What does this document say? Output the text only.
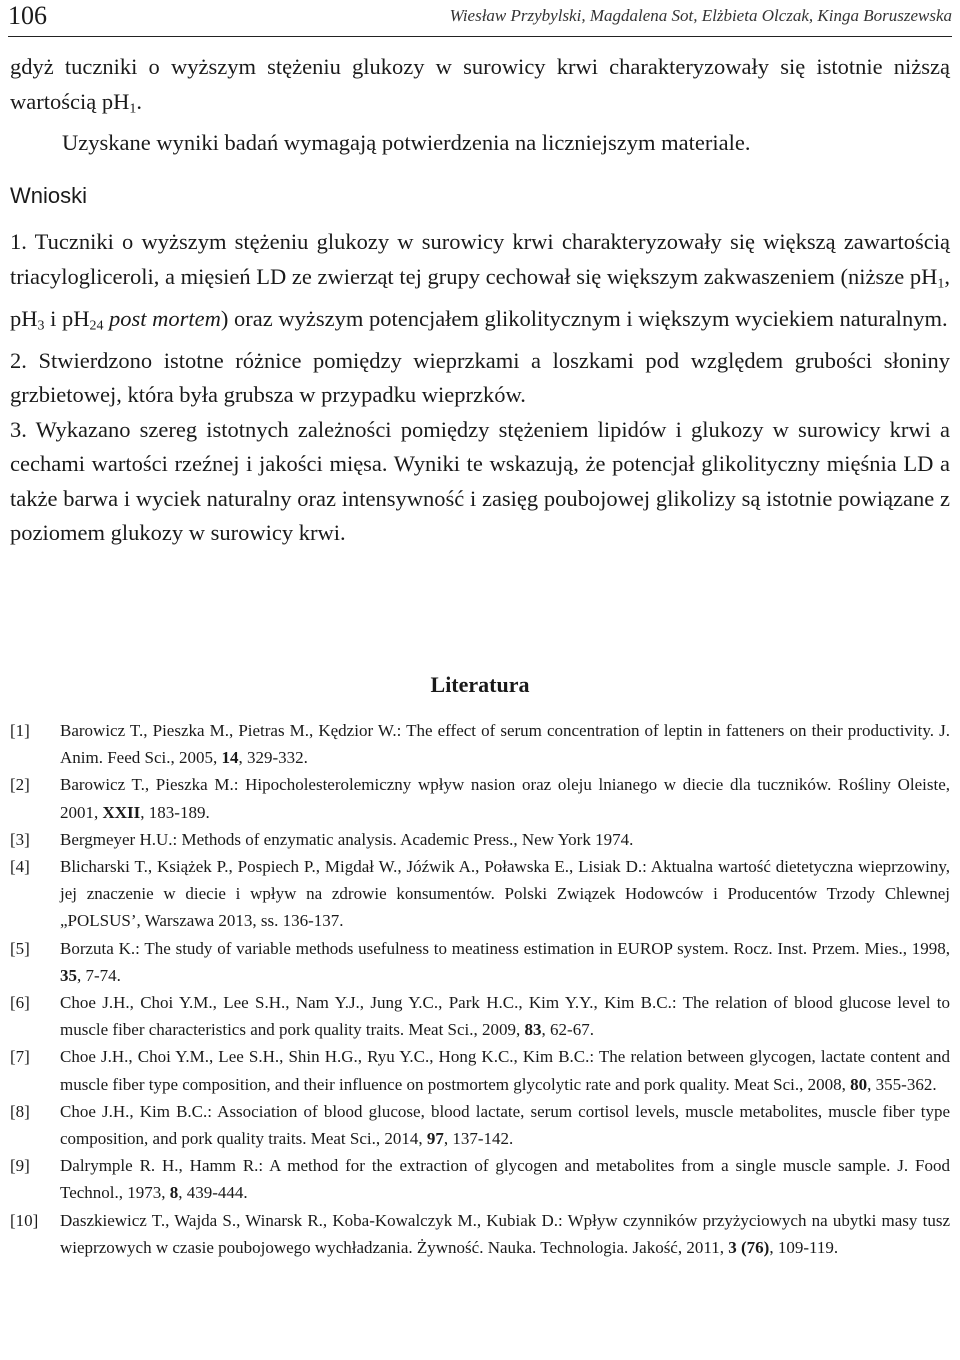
106	Wiesław Przybylski, Magdalena Sot, Elżbieta Olczak, Kinga Boruszewska

gdyż tuczniki o wyższym stężeniu glukozy w surowicy krwi charakteryzowały się istotnie niższą wartością $pH_1$.

Uzyskane wyniki badań wymagają potwierdzenia na liczniejszym materiale.

Wnioski

1. Tuczniki o wyższym stężeniu glukozy w surowicy krwi charakteryzowały się większą zawartością triacylogliceroli, a mięsień LD ze zwierząt tej grupy cechował się większym zakwaszeniem (niższe $pH_1$, $pH_3$ i $pH_{24}$ post mortem) oraz wyższym potencjałem glikolitycznym i większym wyciekiem naturalnym.

2. Stwierdzono istotne różnice pomiędzy wieprzkami a loszkami pod względem grubości słoniny grzbietowej, która była grubsza w przypadku wieprzków.

3. Wykazano szereg istotnych zależności pomiędzy stężeniem lipidów i glukozy w surowicy krwi a cechami wartości rzeźnej i jakości mięsa. Wyniki te wskazują, że potencjał glikolityczny mięśnia LD a także barwa i wyciek naturalny oraz intensywność i zasięg poubojowej glikolizy są istotnie powiązane z poziomem glukozy w surowicy krwi.

Literatura
[1]	Barowicz T., Pieszka M., Pietras M., Kędzior W.: The effect of serum concentration of leptin in fatteners on their productivity. J. Anim. Feed Sci., 2005, 14, 329-332.
[2]	Barowicz T., Pieszka M.: Hipocholesterolemiczny wpływ nasion oraz oleju lnianego w diecie dla tuczników. Rośliny Oleiste, 2001, XXII, 183-189.
[3]	Bergmeyer H.U.: Methods of enzymatic analysis. Academic Press., New York 1974.
[4]	Blicharski T., Książek P., Pospiech P., Migdał W., Jóźwik A., Poławska E., Lisiak D.: Aktualna wartość dietetyczna wieprzowiny, jej znaczenie w diecie i wpływ na zdrowie konsumentów. Polski Związek Hodowców i Producentów Trzody Chlewnej „POLSUS’, Warszawa 2013, ss. 136-137.
[5]	Borzuta K.: The study of variable methods usefulness to meatiness estimation in EUROP system. Rocz. Inst. Przem. Mies., 1998, 35, 7-74.
[6]	Choe J.H., Choi Y.M., Lee S.H., Nam Y.J., Jung Y.C., Park H.C., Kim Y.Y., Kim B.C.: The relation of blood glucose level to muscle fiber characteristics and pork quality traits. Meat Sci., 2009, 83, 62-67.
[7]	Choe J.H., Choi Y.M., Lee S.H., Shin H.G., Ryu Y.C., Hong K.C., Kim B.C.: The relation between glycogen, lactate content and muscle fiber type composition, and their influence on postmortem glycolytic rate and pork quality. Meat Sci., 2008, 80, 355-362.
[8]	Choe J.H., Kim B.C.: Association of blood glucose, blood lactate, serum cortisol levels, muscle metabolites, muscle fiber type composition, and pork quality traits. Meat Sci., 2014, 97, 137-142.
[9]	Dalrymple R. H., Hamm R.: A method for the extraction of glycogen and metabolites from a single muscle sample. J. Food Technol., 1973, 8, 439-444.
[10]	Daszkiewicz T., Wajda S., Winarsk R., Koba-Kowalczyk M., Kubiak D.: Wpływ czynników przyżyciowych na ubytki masy tusz wieprzowych w czasie poubojowego wychładzania. Żywność. Nauka. Technologia. Jakość, 2011, 3 (76), 109-119.
